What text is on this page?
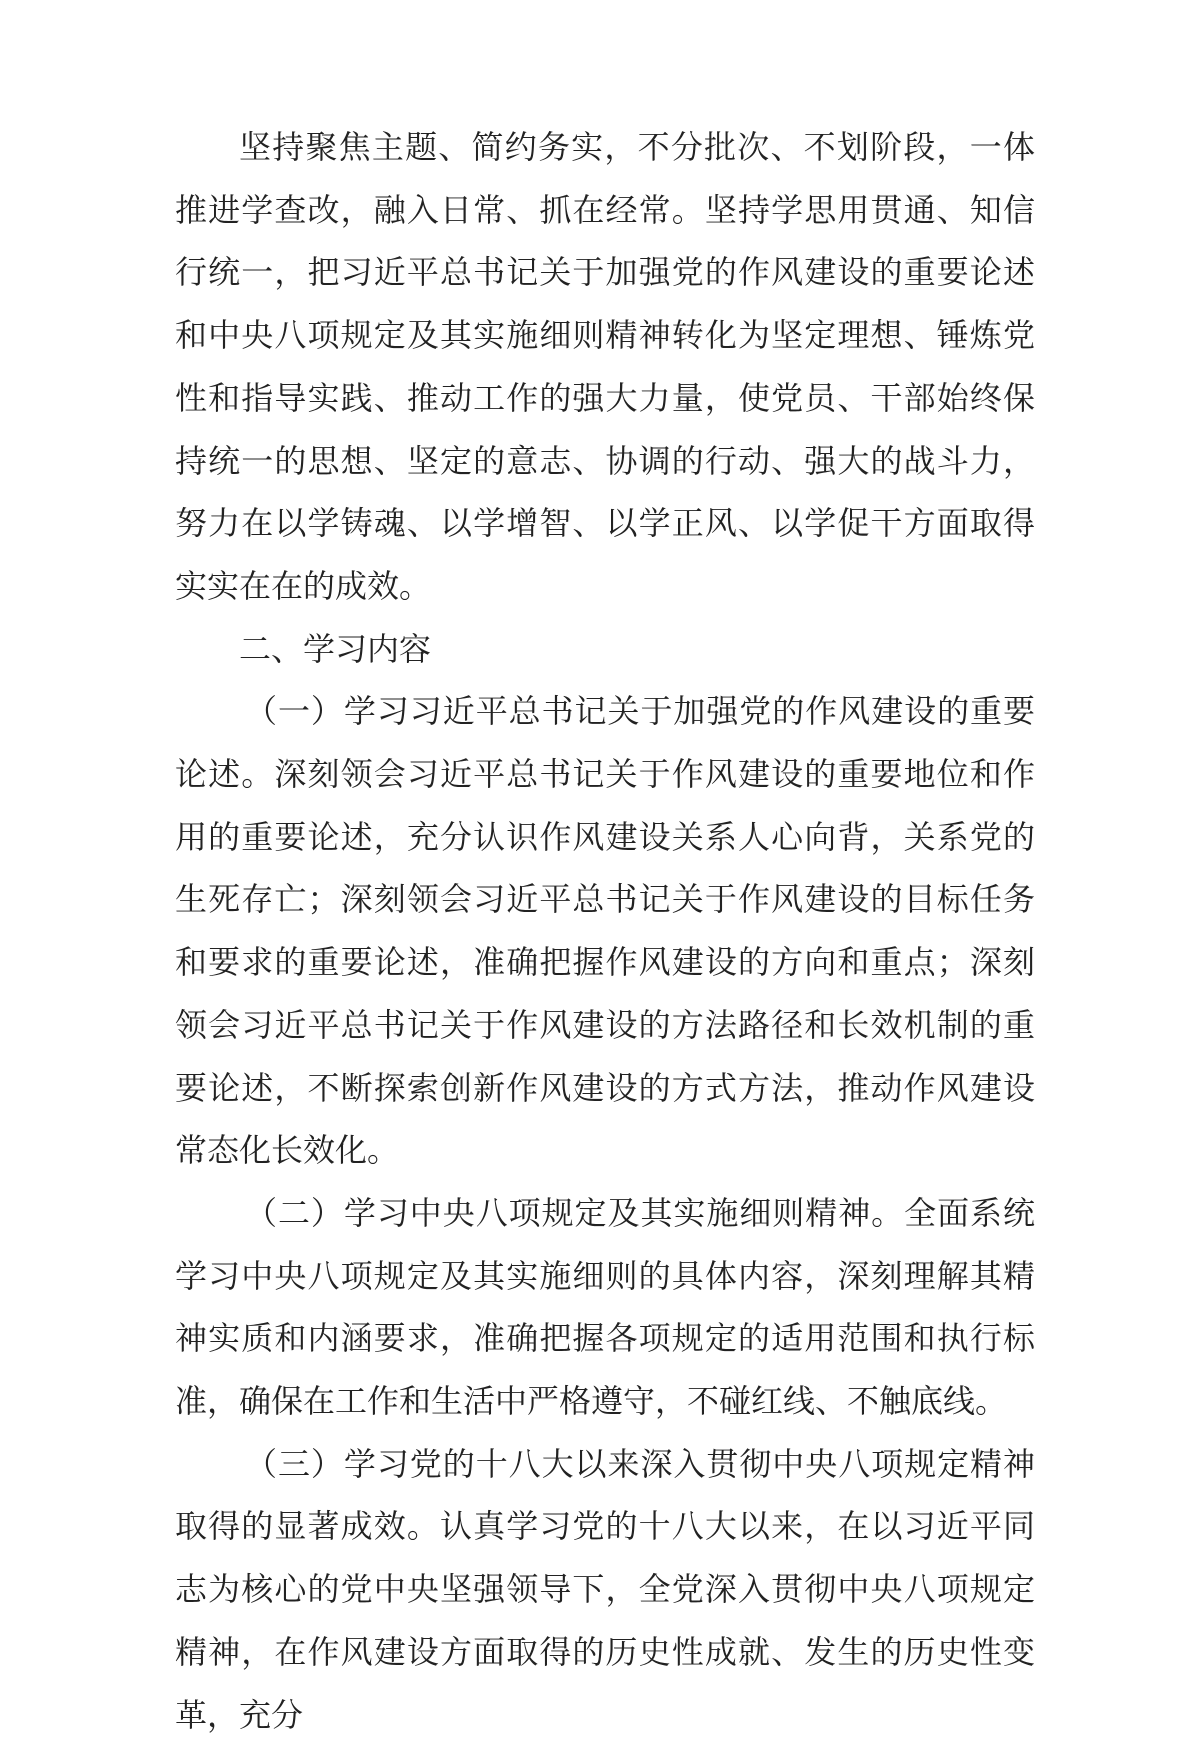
坚持聚焦主题、简约务实，不分批次、不划阶段，一体推进学查改，融入日常、抓在经常。坚持学思用贯通、知信行统一，把习近平总书记关于加强党的作风建设的重要论述和中央八项规定及其实施细则精神转化为坚定理想、锤炼党性和指导实践、推动工作的强大力量，使党员、干部始终保持统一的思想、坚定的意志、协调的行动、强大的战斗力，努力在以学铸魂、以学增智、以学正风、以学促干方面取得实实在在的成效。

二、学习内容

（一）学习习近平总书记关于加强党的作风建设的重要论述。深刻领会习近平总书记关于作风建设的重要地位和作用的重要论述，充分认识作风建设关系人心向背，关系党的生死存亡；深刻领会习近平总书记关于作风建设的目标任务和要求的重要论述，准确把握作风建设的方向和重点；深刻领会习近平总书记关于作风建设的方法路径和长效机制的重要论述，不断探索创新作风建设的方式方法，推动作风建设常态化长效化。

（二）学习中央八项规定及其实施细则精神。全面系统学习中央八项规定及其实施细则的具体内容，深刻理解其精神实质和内涵要求，准确把握各项规定的适用范围和执行标准，确保在工作和生活中严格遵守，不碰红线、不触底线。

（三）学习党的十八大以来深入贯彻中央八项规定精神取得的显著成效。认真学习党的十八大以来，在以习近平同志为核心的党中央坚强领导下，全党深入贯彻中央八项规定精神，在作风建设方面取得的历史性成就、发生的历史性变革，充分
